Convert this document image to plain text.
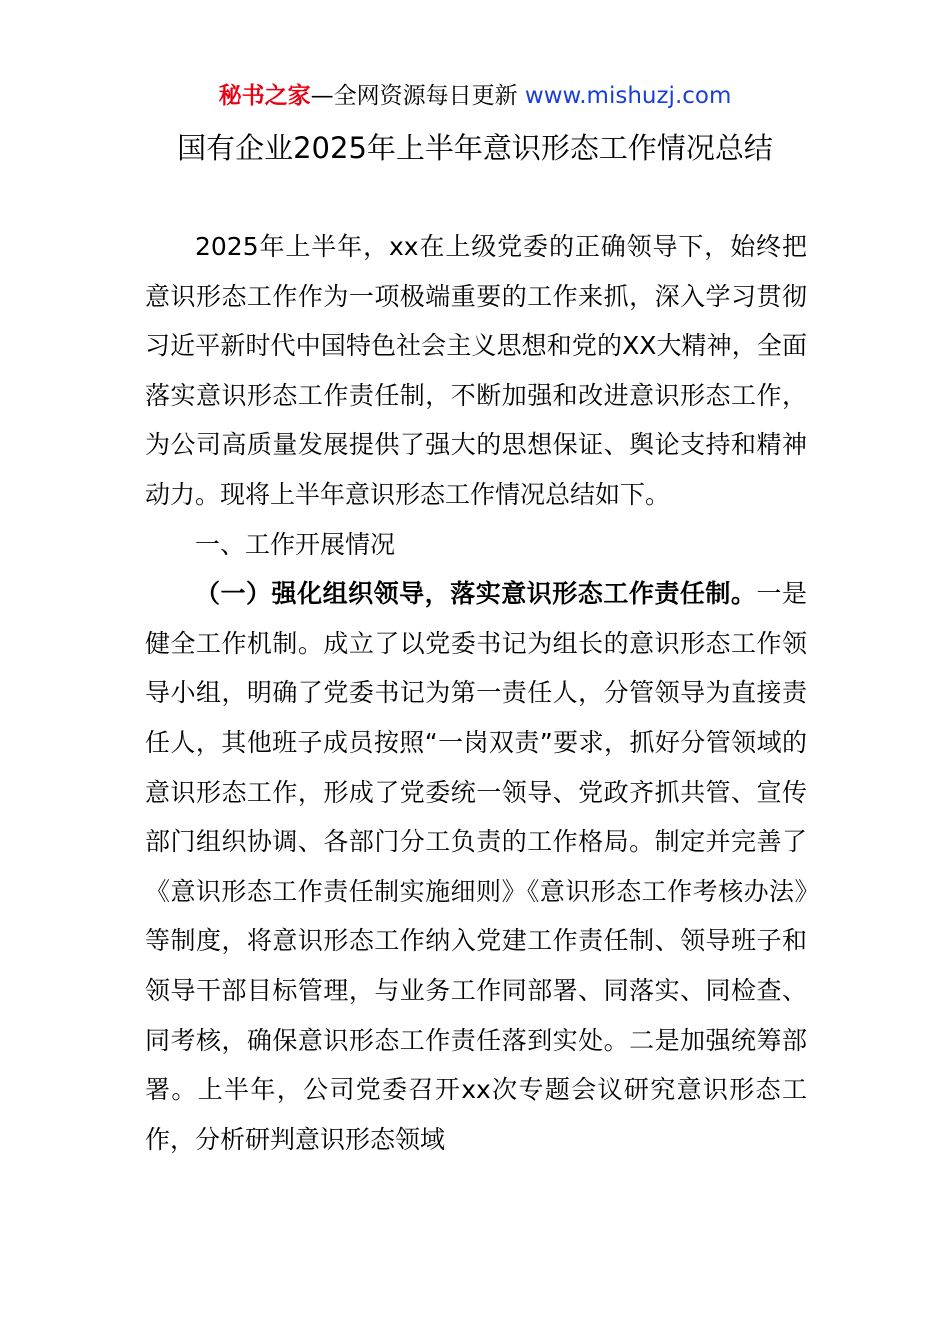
秘书之家—全网资源每日更新 www.mishuzj.com
国有企业2025年上半年意识形态工作情况总结

2025年上半年，xx在上级党委的正确领导下，始终把意识形态工作作为一项极端重要的工作来抓，深入学习贯彻习近平新时代中国特色社会主义思想和党的XX大精神，全面落实意识形态工作责任制，不断加强和改进意识形态工作，为公司高质量发展提供了强大的思想保证、舆论支持和精神动力。现将上半年意识形态工作情况总结如下。

一、工作开展情况

（一）强化组织领导，落实意识形态工作责任制。一是健全工作机制。成立了以党委书记为组长的意识形态工作领导小组，明确了党委书记为第一责任人，分管领导为直接责任人，其他班子成员按照“一岗双责”要求，抓好分管领域的意识形态工作，形成了党委统一领导、党政齐抓共管、宣传部门组织协调、各部门分工负责的工作格局。制定并完善了《意识形态工作责任制实施细则》《意识形态工作考核办法》等制度，将意识形态工作纳入党建工作责任制、领导班子和领导干部目标管理，与业务工作同部署、同落实、同检查、同考核，确保意识形态工作责任落到实处。二是加强统筹部署。上半年，公司党委召开xx次专题会议研究意识形态工作，分析研判意识形态领域
